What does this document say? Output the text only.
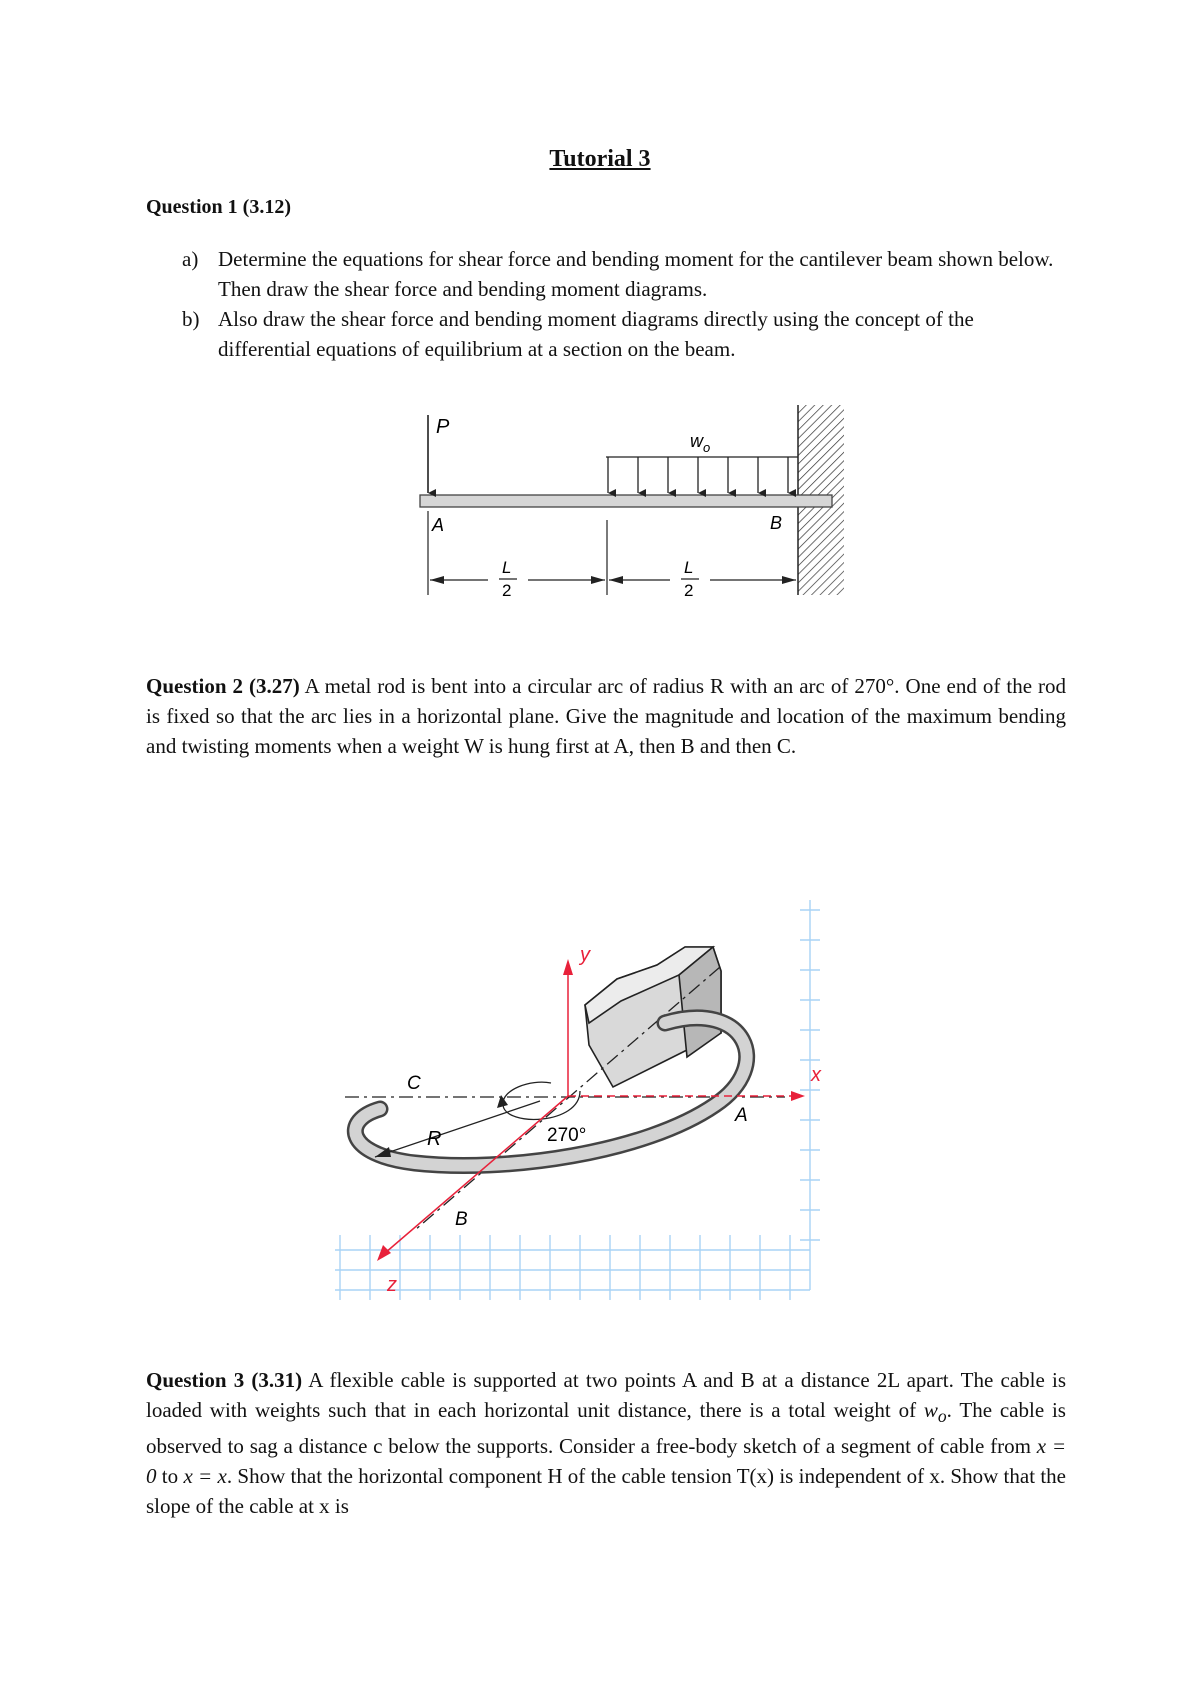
Tutorial 3

Question 1 (3.12)

a) Determine the equations for shear force and bending moment for the cantilever beam shown below. Then draw the shear force and bending moment diagrams.
b) Also draw the shear force and bending moment diagrams directly using the concept of the differential equations of equilibrium at a section on the beam.
P
$w_o$
A	B
L
2
L
2

Question 2 (3.27) A metal rod is bent into a circular arc of radius R with an arc of 270°. One end of the rod is fixed so that the arc lies in a horizontal plane. Give the magnitude and location of the maximum bending and twisting moments when a weight W is hung first at A, then B and then C.

R	270°
C
B
A
y
x
z

Question 3 (3.31) A flexible cable is supported at two points A and B at a distance 2L apart. The cable is loaded with weights such that in each horizontal unit distance, there is a total weight of $w_o$. The cable is observed to sag a distance c below the supports. Consider a free-body sketch of a segment of cable from x = 0 to x = x. Show that the horizontal component H of the cable tension T(x) is independent of x. Show that the slope of the cable at x is
